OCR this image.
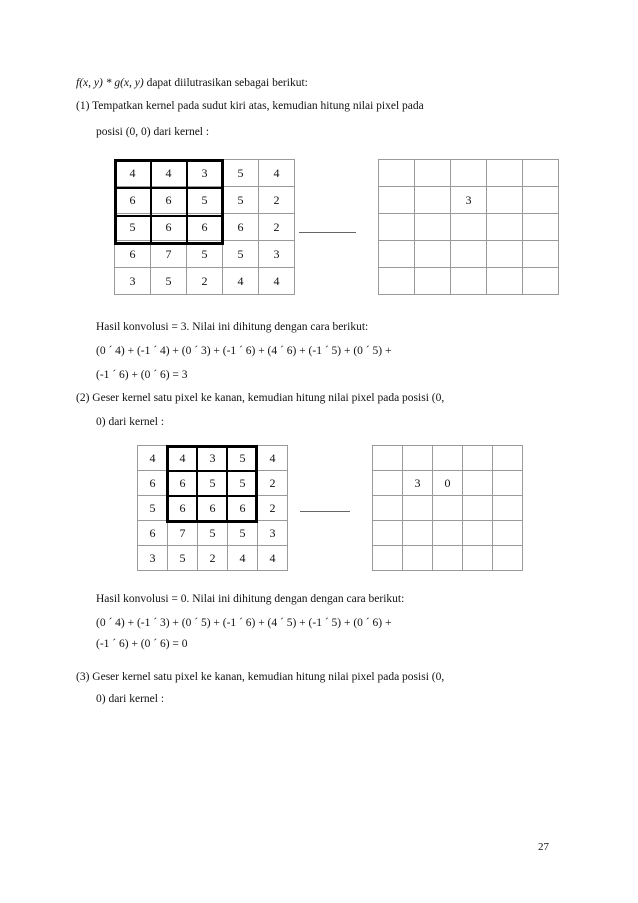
f(x, y) * g(x, y) dapat diilutrasikan sebagai berikut:
(1) Tempatkan kernel pada sudut kiri atas, kemudian hitung nilai pixel pada
posisi (0, 0) dari kernel :
4	4	3	5	4
6	6	5	5	2
5	6	6	6	2
6	7	5	5	3
3	5	2	4	4

		3		

Hasil konvolusi = 3. Nilai ini dihitung dengan cara berikut:
(0 ´ 4) + (-1 ´ 4) + (0 ´ 3) + (-1 ´ 6) + (4 ´ 6) + (-1 ´ 5) + (0 ´ 5) +
(-1 ´ 6) + (0 ´ 6) = 3
(2) Geser kernel satu pixel ke kanan, kemudian hitung nilai pixel pada posisi (0,
0) dari kernel :
4	4	3	5	4
6	6	5	5	2
5	6	6	6	2
6	7	5	5	3
3	5	2	4	4

	3	0		

Hasil konvolusi = 0. Nilai ini dihitung dengan dengan cara berikut:
(0 ´ 4) + (-1 ´ 3) + (0 ´ 5) + (-1 ´ 6) + (4 ´ 5) + (-1 ´ 5) + (0 ´ 6) +
(-1 ´ 6) + (0 ´ 6) = 0
(3) Geser kernel satu pixel ke kanan, kemudian hitung nilai pixel pada posisi (0,
0) dari kernel :
27
